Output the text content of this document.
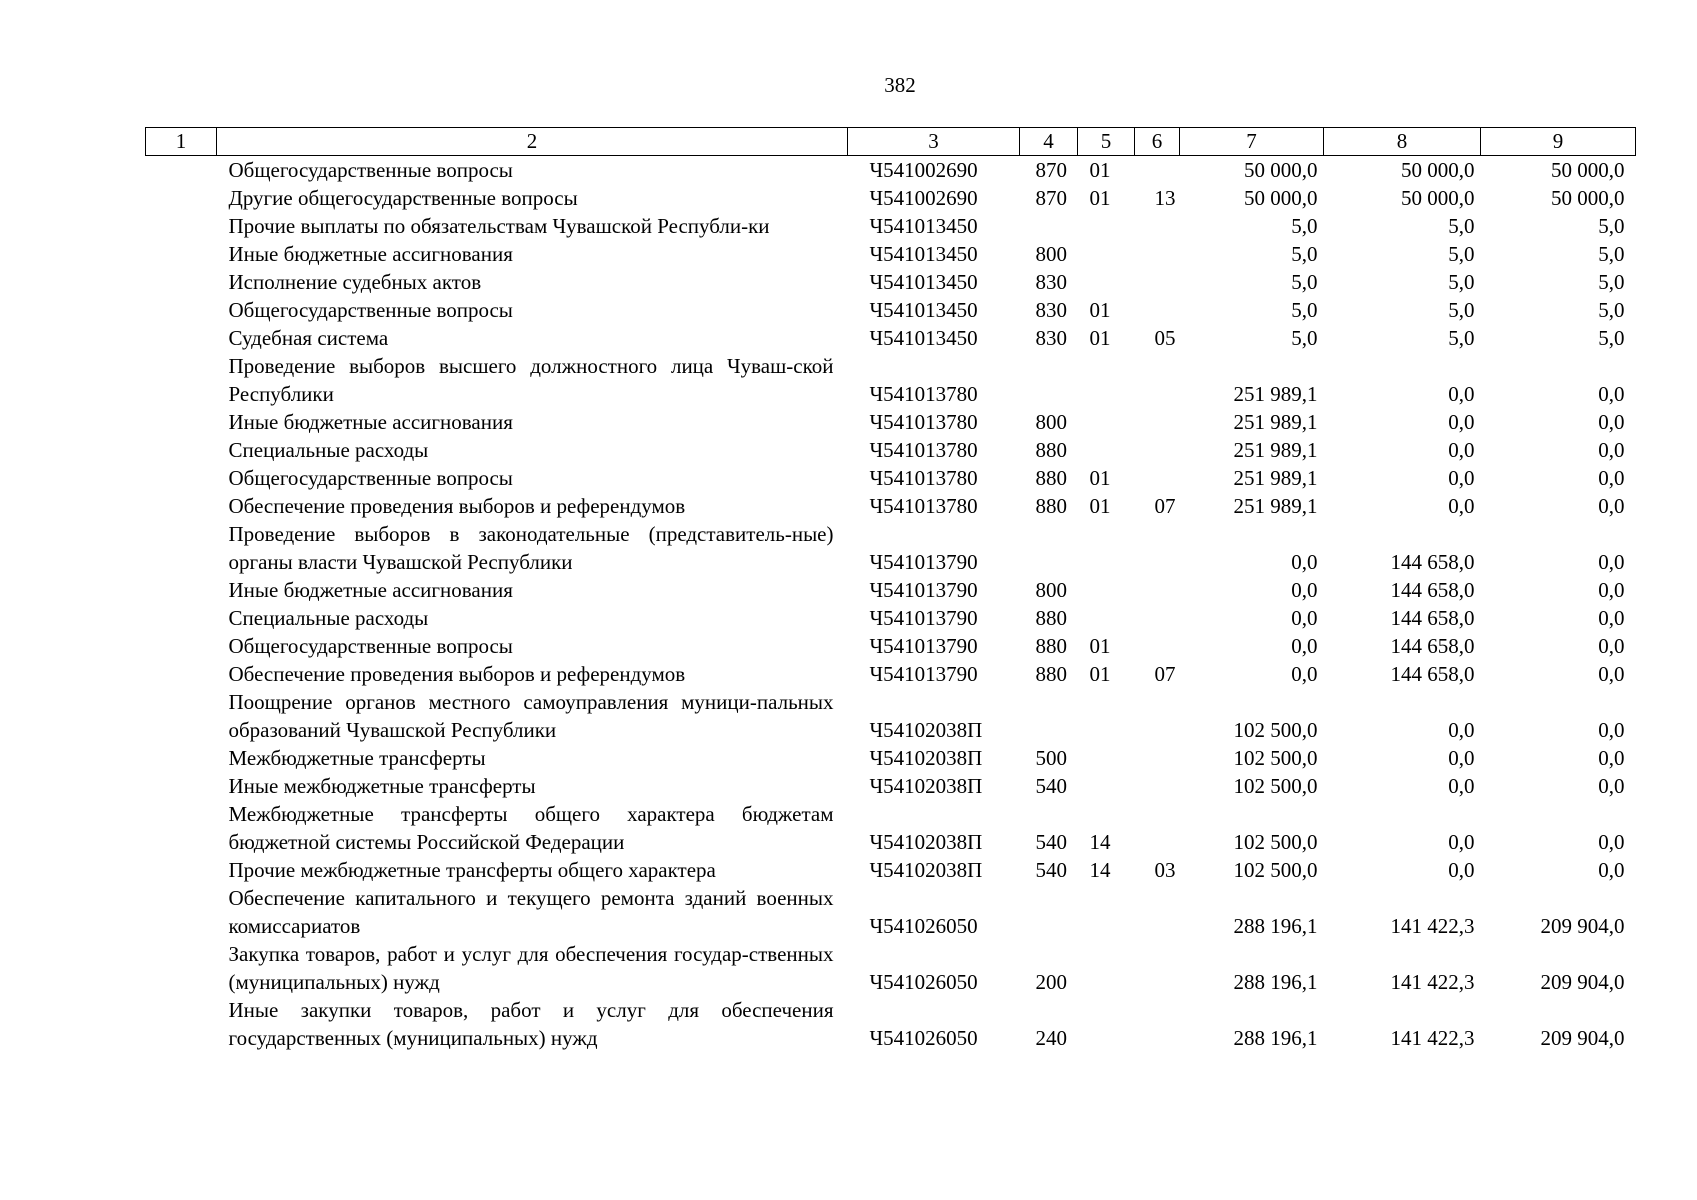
382
1	2	3	4	5	6	7	8	9
	Общегосударственные вопросы	Ч541002690	870	01		50 000,0	50 000,0	50 000,0
	Другие общегосударственные вопросы	Ч541002690	870	01	13	50 000,0	50 000,0	50 000,0
	Прочие выплаты по обязательствам Чувашской Республи-ки	Ч541013450				5,0	5,0	5,0
	Иные бюджетные ассигнования	Ч541013450	800			5,0	5,0	5,0
	Исполнение судебных актов	Ч541013450	830			5,0	5,0	5,0
	Общегосударственные вопросы	Ч541013450	830	01		5,0	5,0	5,0
	Судебная система	Ч541013450	830	01	05	5,0	5,0	5,0
	Проведение выборов высшего должностного лица Чуваш-ской Республики	Ч541013780				251 989,1	0,0	0,0
	Иные бюджетные ассигнования	Ч541013780	800			251 989,1	0,0	0,0
	Специальные расходы	Ч541013780	880			251 989,1	0,0	0,0
	Общегосударственные вопросы	Ч541013780	880	01		251 989,1	0,0	0,0
	Обеспечение проведения выборов и референдумов	Ч541013780	880	01	07	251 989,1	0,0	0,0
	Проведение выборов в законодательные (представитель-ные) органы власти Чувашской Республики	Ч541013790				0,0	144 658,0	0,0
	Иные бюджетные ассигнования	Ч541013790	800			0,0	144 658,0	0,0
	Специальные расходы	Ч541013790	880			0,0	144 658,0	0,0
	Общегосударственные вопросы	Ч541013790	880	01		0,0	144 658,0	0,0
	Обеспечение проведения выборов и референдумов	Ч541013790	880	01	07	0,0	144 658,0	0,0
	Поощрение органов местного самоуправления муници-пальных образований Чувашской Республики	Ч54102038П				102 500,0	0,0	0,0
	Межбюджетные трансферты	Ч54102038П	500			102 500,0	0,0	0,0
	Иные межбюджетные трансферты	Ч54102038П	540			102 500,0	0,0	0,0
	Межбюджетные трансферты общего характера бюджетам бюджетной системы Российской Федерации	Ч54102038П	540	14		102 500,0	0,0	0,0
	Прочие межбюджетные трансферты общего характера	Ч54102038П	540	14	03	102 500,0	0,0	0,0
	Обеспечение капитального и текущего ремонта зданий военных комиссариатов	Ч541026050				288 196,1	141 422,3	209 904,0
	Закупка товаров, работ и услуг для обеспечения государ-ственных (муниципальных) нужд	Ч541026050	200			288 196,1	141 422,3	209 904,0
	Иные закупки товаров, работ и услуг для обеспечения государственных (муниципальных) нужд	Ч541026050	240			288 196,1	141 422,3	209 904,0
